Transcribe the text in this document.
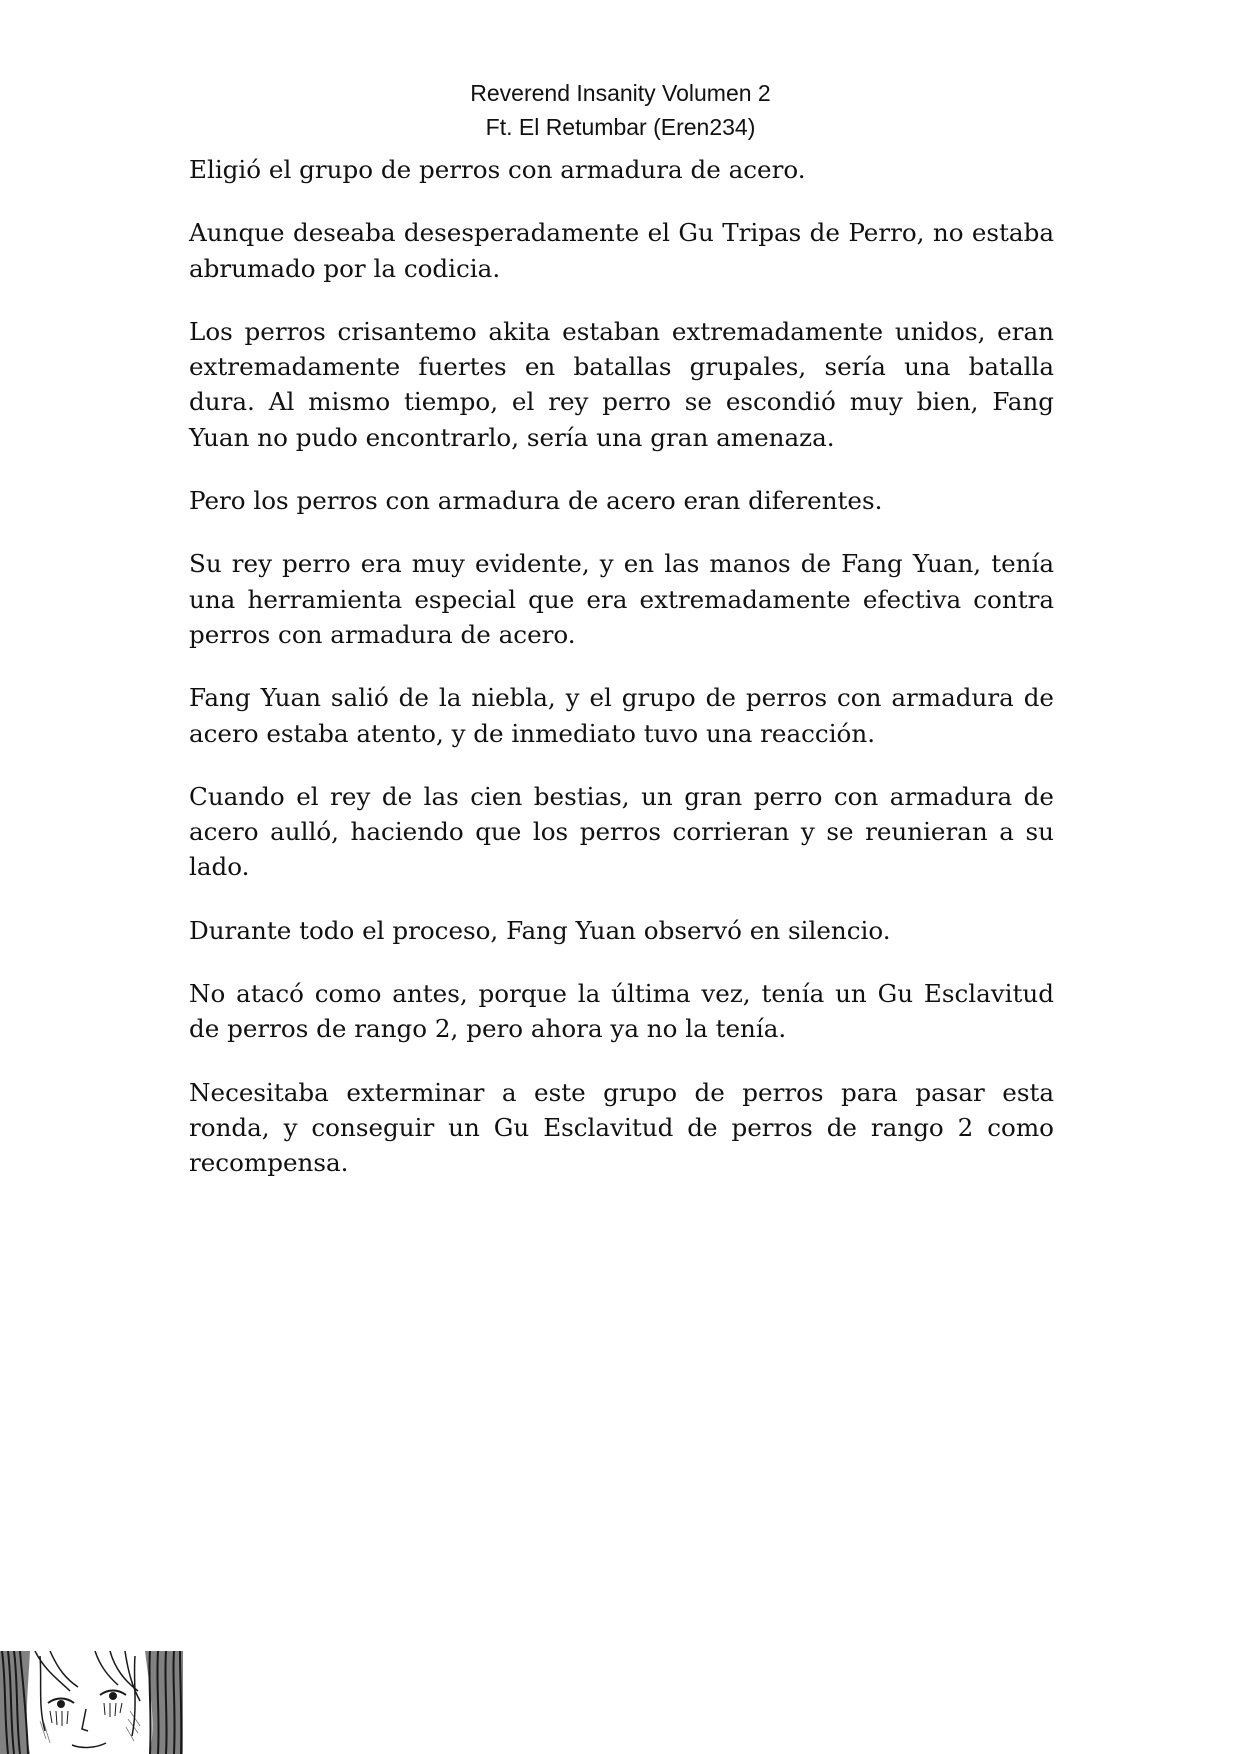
Reverend Insanity Volumen 2
Ft. El Retumbar (Eren234)

Eligió el grupo de perros con armadura de acero.

Aunque deseaba desesperadamente el Gu Tripas de Perro, no estaba abrumado por la codicia.

Los perros crisantemo akita estaban extremadamente unidos, eran extremadamente fuertes en batallas grupales, sería una batalla dura. Al mismo tiempo, el rey perro se escondió muy bien, Fang Yuan no pudo encontrarlo, sería una gran amenaza.

Pero los perros con armadura de acero eran diferentes.

Su rey perro era muy evidente, y en las manos de Fang Yuan, tenía una herramienta especial que era extremadamente efectiva contra perros con armadura de acero.

Fang Yuan salió de la niebla, y el grupo de perros con armadura de acero estaba atento, y de inmediato tuvo una reacción.

Cuando el rey de las cien bestias, un gran perro con armadura de acero aulló, haciendo que los perros corrieran y se reunieran a su lado.

Durante todo el proceso, Fang Yuan observó en silencio.

No atacó como antes, porque la última vez, tenía un Gu Esclavitud de perros de rango 2, pero ahora ya no la tenía.

Necesitaba exterminar a este grupo de perros para pasar esta ronda, y conseguir un Gu Esclavitud de perros de rango 2 como recompensa.
